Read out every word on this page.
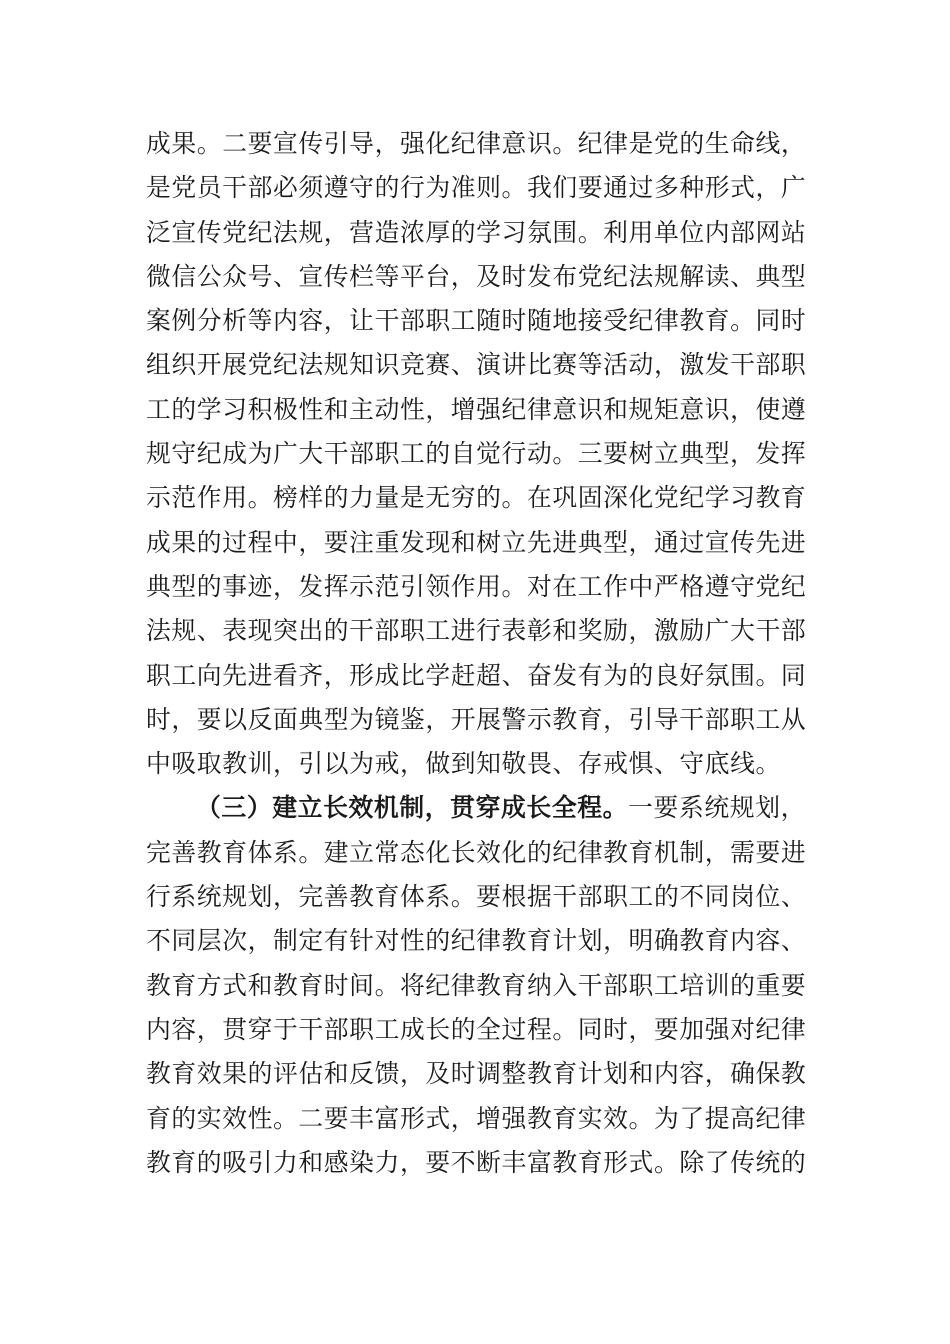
成果。二要宣传引导，强化纪律意识。纪律是党的生命线，
是党员干部必须遵守的行为准则。我们要通过多种形式，广
泛宣传党纪法规，营造浓厚的学习氛围。利用单位内部网站
微信公众号、宣传栏等平台，及时发布党纪法规解读、典型
案例分析等内容，让干部职工随时随地接受纪律教育。同时
组织开展党纪法规知识竞赛、演讲比赛等活动，激发干部职
工的学习积极性和主动性，增强纪律意识和规矩意识，使遵
规守纪成为广大干部职工的自觉行动。三要树立典型，发挥
示范作用。榜样的力量是无穷的。在巩固深化党纪学习教育
成果的过程中，要注重发现和树立先进典型，通过宣传先进
典型的事迹，发挥示范引领作用。对在工作中严格遵守党纪
法规、表现突出的干部职工进行表彰和奖励，激励广大干部
职工向先进看齐，形成比学赶超、奋发有为的良好氛围。同
时，要以反面典型为镜鉴，开展警示教育，引导干部职工从
中吸取教训，引以为戒，做到知敬畏、存戒惧、守底线。
（三）建立长效机制，贯穿成长全程。一要系统规划，
完善教育体系。建立常态化长效化的纪律教育机制，需要进
行系统规划，完善教育体系。要根据干部职工的不同岗位、
不同层次，制定有针对性的纪律教育计划，明确教育内容、
教育方式和教育时间。将纪律教育纳入干部职工培训的重要
内容，贯穿于干部职工成长的全过程。同时，要加强对纪律
教育效果的评估和反馈，及时调整教育计划和内容，确保教
育的实效性。二要丰富形式，增强教育实效。为了提高纪律
教育的吸引力和感染力，要不断丰富教育形式。除了传统的
